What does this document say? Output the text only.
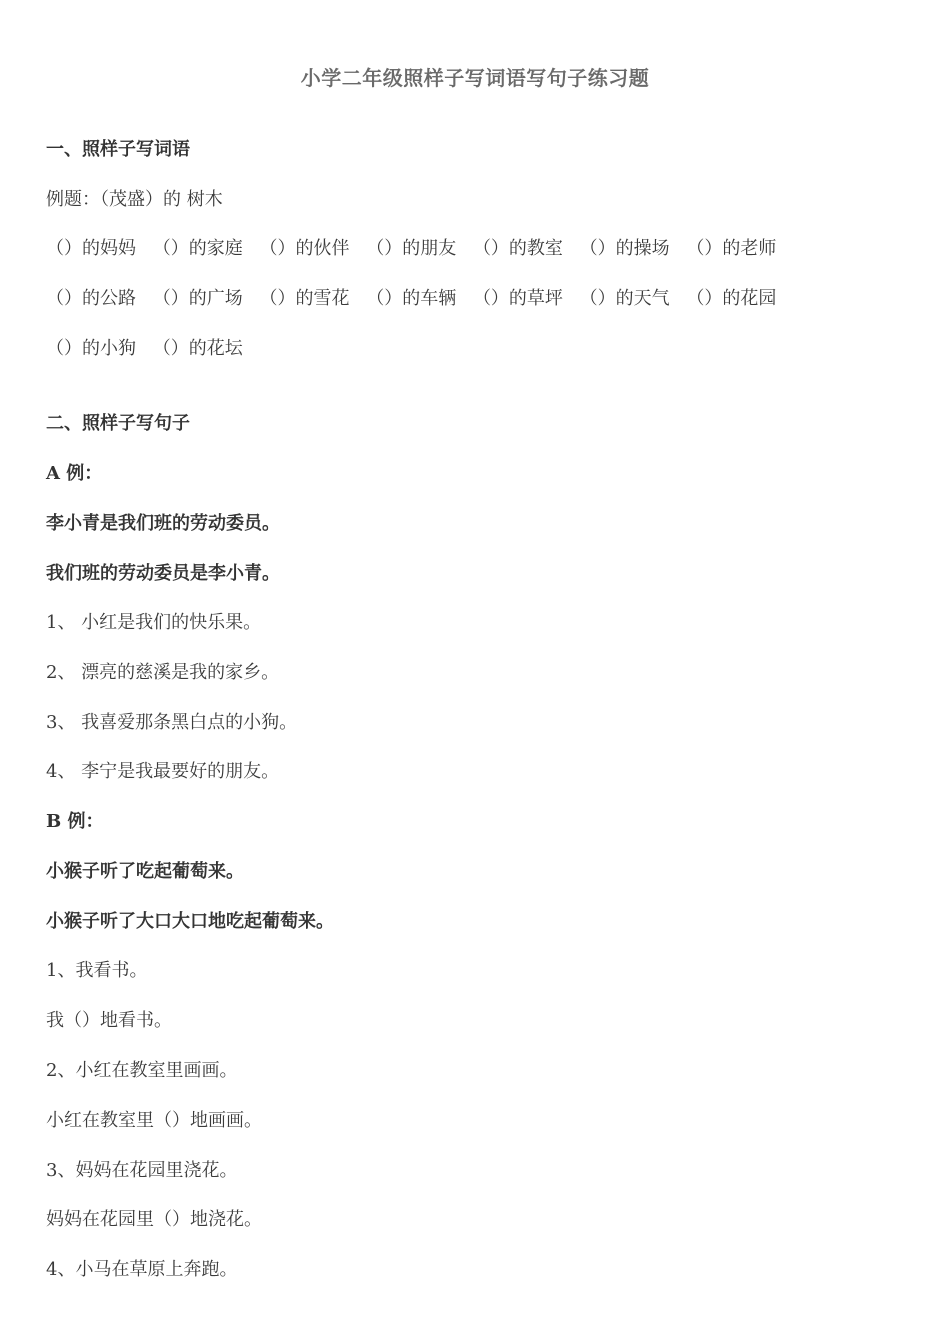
小学二年级照样子写词语写句子练习题
一、照样子写词语
例题：（茂盛）的 树木
（）的妈妈 （）的家庭 （）的伙伴 （）的朋友 （）的教室 （）的操场 （）的老师
（）的公路 （）的广场 （）的雪花 （）的车辆 （）的草坪 （）的天气 （）的花园
（）的小狗 （）的花坛
二、照样子写句子
A 例：
李小青是我们班的劳动委员。
我们班的劳动委员是李小青。
1、 小红是我们的快乐果。
2、 漂亮的慈溪是我的家乡。
3、 我喜爱那条黑白点的小狗。
4、 李宁是我最要好的朋友。
B 例：
小猴子听了吃起葡萄来。
小猴子听了大口大口地吃起葡萄来。
1、我看书。
我（）地看书。
2、小红在教室里画画。
小红在教室里（）地画画。
3、妈妈在花园里浇花。
妈妈在花园里（）地浇花。
4、小马在草原上奔跑。
